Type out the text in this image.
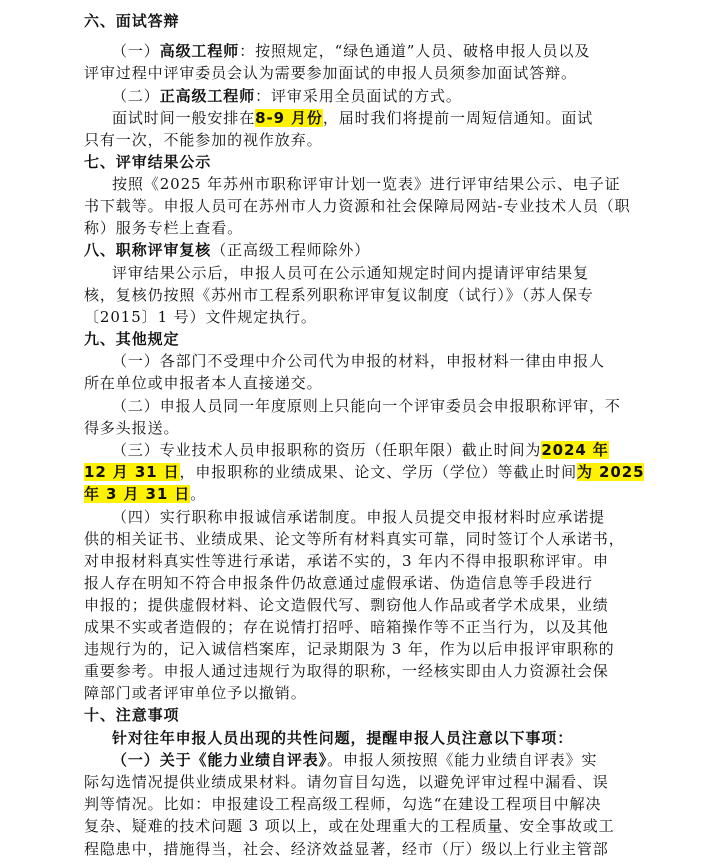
六、面试答辩
（一）高级工程师：按照规定，“绿色通道”人员、破格申报人员以及
评审过程中评审委员会认为需要参加面试的申报人员须参加面试答辩。
（二）正高级工程师：评审采用全员面试的方式。
面试时间一般安排在8-9 月份，届时我们将提前一周短信通知。面试
只有一次，不能参加的视作放弃。
七、评审结果公示
按照《2025 年苏州市职称评审计划一览表》进行评审结果公示、电子证
书下载等。申报人员可在苏州市人力资源和社会保障局网站-专业技术人员（职
称）服务专栏上查看。
八、职称评审复核（正高级工程师除外）
评审结果公示后，申报人员可在公示通知规定时间内提请评审结果复
核，复核仍按照《苏州市工程系列职称评审复议制度（试行）》（苏人保专
〔2015〕1 号）文件规定执行。
九、其他规定
（一）各部门不受理中介公司代为申报的材料，申报材料一律由申报人
所在单位或申报者本人直接递交。
（二）申报人员同一年度原则上只能向一个评审委员会申报职称评审，不
得多头报送。
（三）专业技术人员申报职称的资历（任职年限）截止时间为2024 年
12 月 31 日，申报职称的业绩成果、论文、学历（学位）等截止时间为 2025
年 3 月 31 日。
（四）实行职称申报诚信承诺制度。申报人员提交申报材料时应承诺提
供的相关证书、业绩成果、论文等所有材料真实可靠，同时签订个人承诺书，
对申报材料真实性等进行承诺，承诺不实的，3 年内不得申报职称评审。申
报人存在明知不符合申报条件仍故意通过虚假承诺、伪造信息等手段进行
申报的；提供虚假材料、论文造假代写、剽窃他人作品或者学术成果，业绩
成果不实或者造假的；存在说情打招呼、暗箱操作等不正当行为，以及其他
违规行为的，记入诚信档案库，记录期限为 3 年，作为以后申报评审职称的
重要参考。申报人通过违规行为取得的职称，一经核实即由人力资源社会保
障部门或者评审单位予以撤销。
十、注意事项
针对往年申报人员出现的共性问题，提醒申报人员注意以下事项：
（一）关于《能力业绩自评表》。申报人须按照《能力业绩自评表》实
际勾选情况提供业绩成果材料。请勿盲目勾选，以避免评审过程中漏看、误
判等情况。比如：申报建设工程高级工程师，勾选“在建设工程项目中解决
复杂、疑难的技术问题 3 项以上，或在处理重大的工程质量、安全事故或工
程隐患中，措施得当，社会、经济效益显著，经市（厅）级以上行业主管部
